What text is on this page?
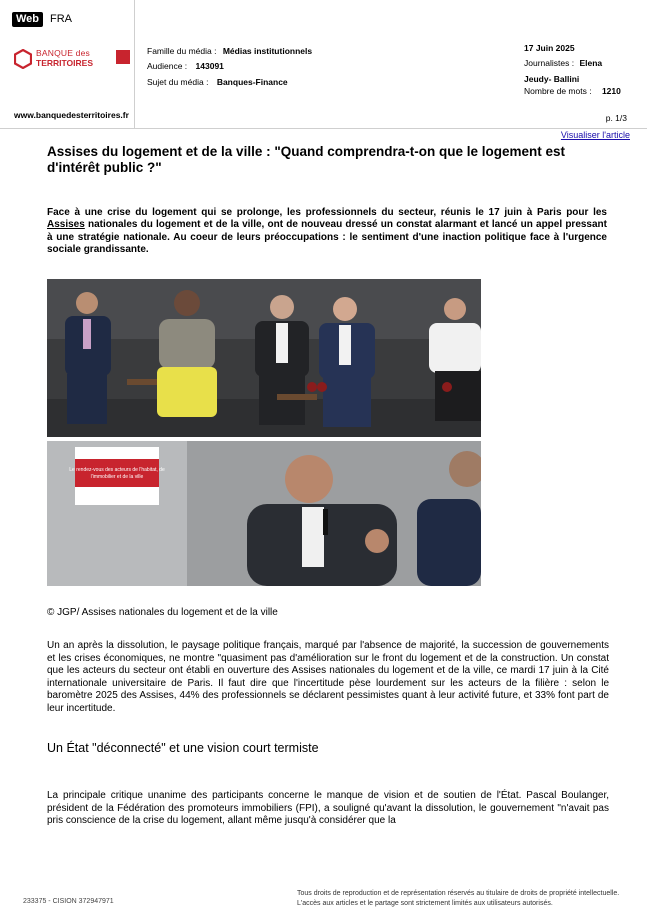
Web FRA
BANQUE des
TERRITOIRES
www.banquedesterritoires.fr
Famille du média : Médias institutionnels
Audience : 143091
Sujet du média : Banques-Finance
17 Juin 2025
Journalistes : Elena
Jeudy- Ballini
Nombre de mots : 1210
p. 1/3
Visualiser l'article
Assises du logement et de la ville : "Quand comprendra-t-on que le logement est d'intérêt public ?"
Face à une crise du logement qui se prolonge, les professionnels du secteur, réunis le 17 juin à Paris pour les Assises nationales du logement et de la ville, ont de nouveau dressé un constat alarmant et lancé un appel pressant à une stratégie nationale. Au coeur de leurs préoccupations : le sentiment d'une inaction politique face à l'urgence sociale grandissante.
Le rendez-vous des acteurs de l'habitat, de
l'immobilier et de la ville
© JGP/ Assises nationales du logement et de la ville
Un an après la dissolution, le paysage politique français, marqué par l'absence de majorité, la succession de gouvernements et les crises économiques, ne montre "quasiment pas d'amélioration sur le front du logement et de la construction. Un constat que les acteurs du secteur ont établi en ouverture des Assises nationales du logement et de la ville, ce mardi 17 juin à la Cité internationale universitaire de Paris. Il faut dire que l'incertitude pèse lourdement sur les acteurs de la filière : selon le baromètre 2025 des Assises, 44% des professionnels se déclarent pessimistes quant à leur activité future, et 33% font part de leur incertitude.
Un État "déconnecté" et une vision court termiste
La principale critique unanime des participants concerne le manque de vision et de soutien de l'État. Pascal Boulanger, président de la Fédération des promoteurs immobiliers (FPI), a souligné qu'avant la dissolution, le gouvernement "n'avait pas pris conscience de la crise du logement, allant même jusqu'à considérer que la
233375 - CISION 372947971
Tous droits de reproduction et de représentation réservés au titulaire de droits de propriété intellectuelle.
L'accès aux articles et le partage sont strictement limités aux utilisateurs autorisés.
